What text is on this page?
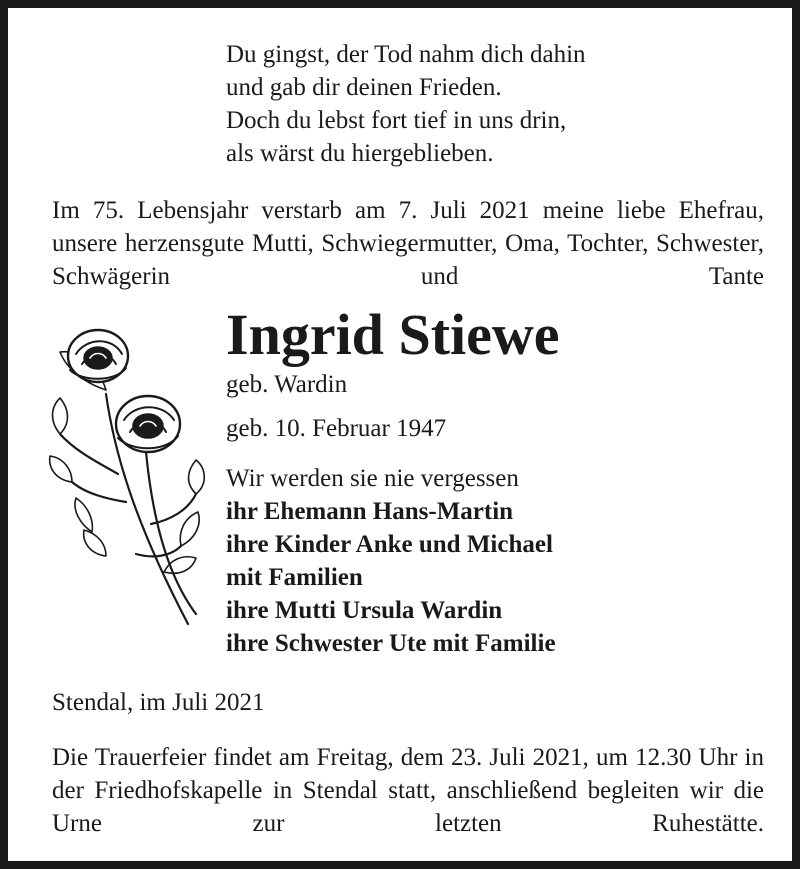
Du gingst, der Tod nahm dich dahin
und gab dir deinen Frieden.
Doch du lebst fort tief in uns drin,
als wärst du hiergeblieben.

Im 75. Lebensjahr verstarb am 7. Juli 2021 meine liebe Ehefrau, unsere herzensgute Mutti, Schwiegermutter, Oma, Tochter, Schwester, Schwägerin und Tante

Ingrid Stiewe
geb. Wardin
geb. 10. Februar 1947
Wir werden sie nie vergessen
ihr Ehemann Hans-Martin
ihre Kinder Anke und Michael
mit Familien
ihre Mutti Ursula Wardin
ihre Schwester Ute mit Familie
Stendal, im Juli 2021

Die Trauerfeier findet am Freitag, dem 23. Juli 2021, um 12.30 Uhr in der Friedhofskapelle in Stendal statt, anschließend begleiten wir die Urne zur letzten Ruhestätte.
